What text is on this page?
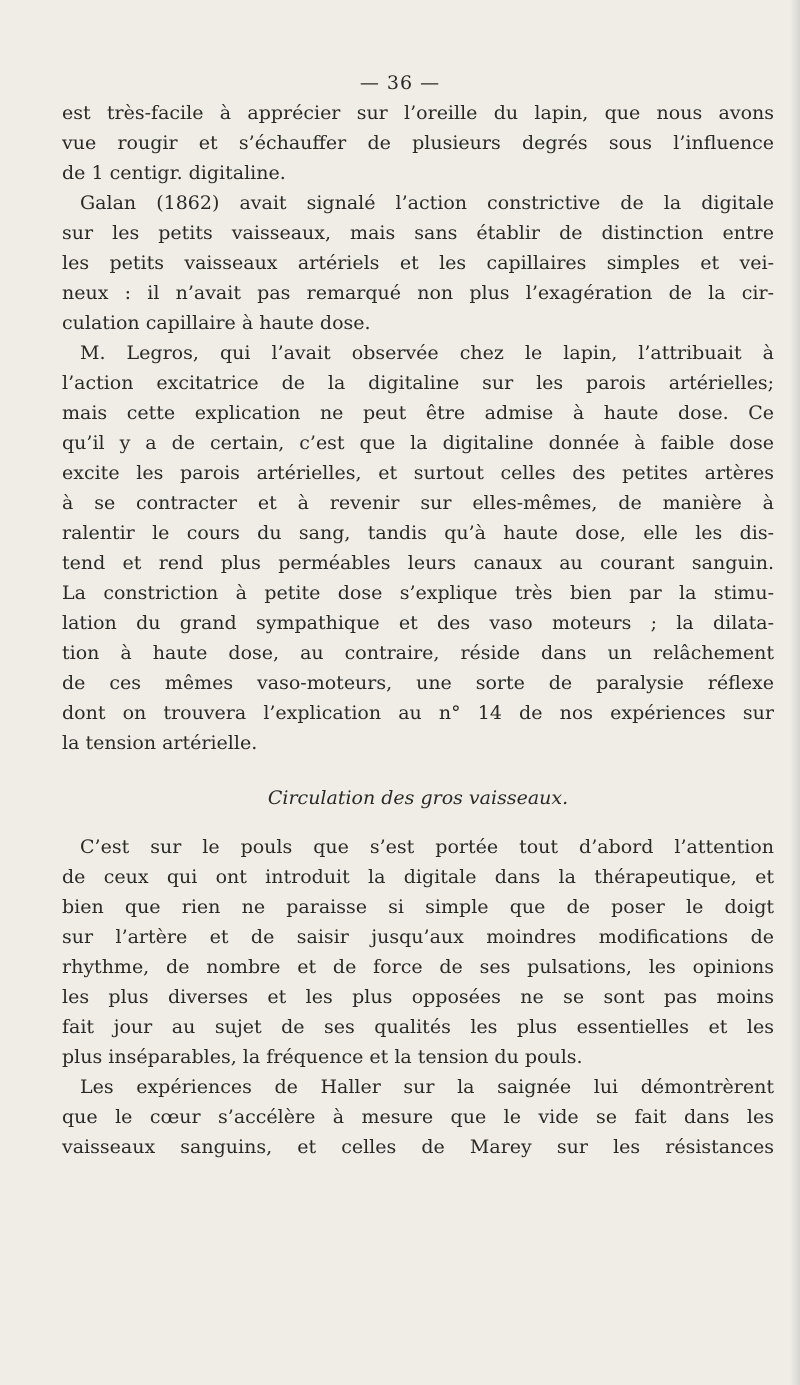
— 36 —
est très-facile à apprécier sur l’oreille du lapin, que nous avons
vue rougir et s’échauffer de plusieurs degrés sous l’influence
de 1 centigr. digitaline.
Galan (1862) avait signalé l’action constrictive de la digitale
sur les petits vaisseaux, mais sans établir de distinction entre
les petits vaisseaux artériels et les capillaires simples et vei-
neux : il n’avait pas remarqué non plus l’exagération de la cir-
culation capillaire à haute dose.
M. Legros, qui l’avait observée chez le lapin, l’attribuait à
l’action excitatrice de la digitaline sur les parois artérielles;
mais cette explication ne peut être admise à haute dose. Ce
qu’il y a de certain, c’est que la digitaline donnée à faible dose
excite les parois artérielles, et surtout celles des petites artères
à se contracter et à revenir sur elles-mêmes, de manière à
ralentir le cours du sang, tandis qu’à haute dose, elle les dis-
tend et rend plus perméables leurs canaux au courant sanguin.
La constriction à petite dose s’explique très bien par la stimu-
lation du grand sympathique et des vaso moteurs ; la dilata-
tion à haute dose, au contraire, réside dans un relâchement
de ces mêmes vaso-moteurs, une sorte de paralysie réflexe
dont on trouvera l’explication au n° 14 de nos expériences sur
la tension artérielle.
Circulation des gros vaisseaux.
C’est sur le pouls que s’est portée tout d’abord l’attention
de ceux qui ont introduit la digitale dans la thérapeutique, et
bien que rien ne paraisse si simple que de poser le doigt
sur l’artère et de saisir jusqu’aux moindres modifications de
rhythme, de nombre et de force de ses pulsations, les opinions
les plus diverses et les plus opposées ne se sont pas moins
fait jour au sujet de ses qualités les plus essentielles et les
plus inséparables, la fréquence et la tension du pouls.
Les expériences de Haller sur la saignée lui démontrèrent
que le cœur s’accélère à mesure que le vide se fait dans les
vaisseaux sanguins, et celles de Marey sur les résistances
